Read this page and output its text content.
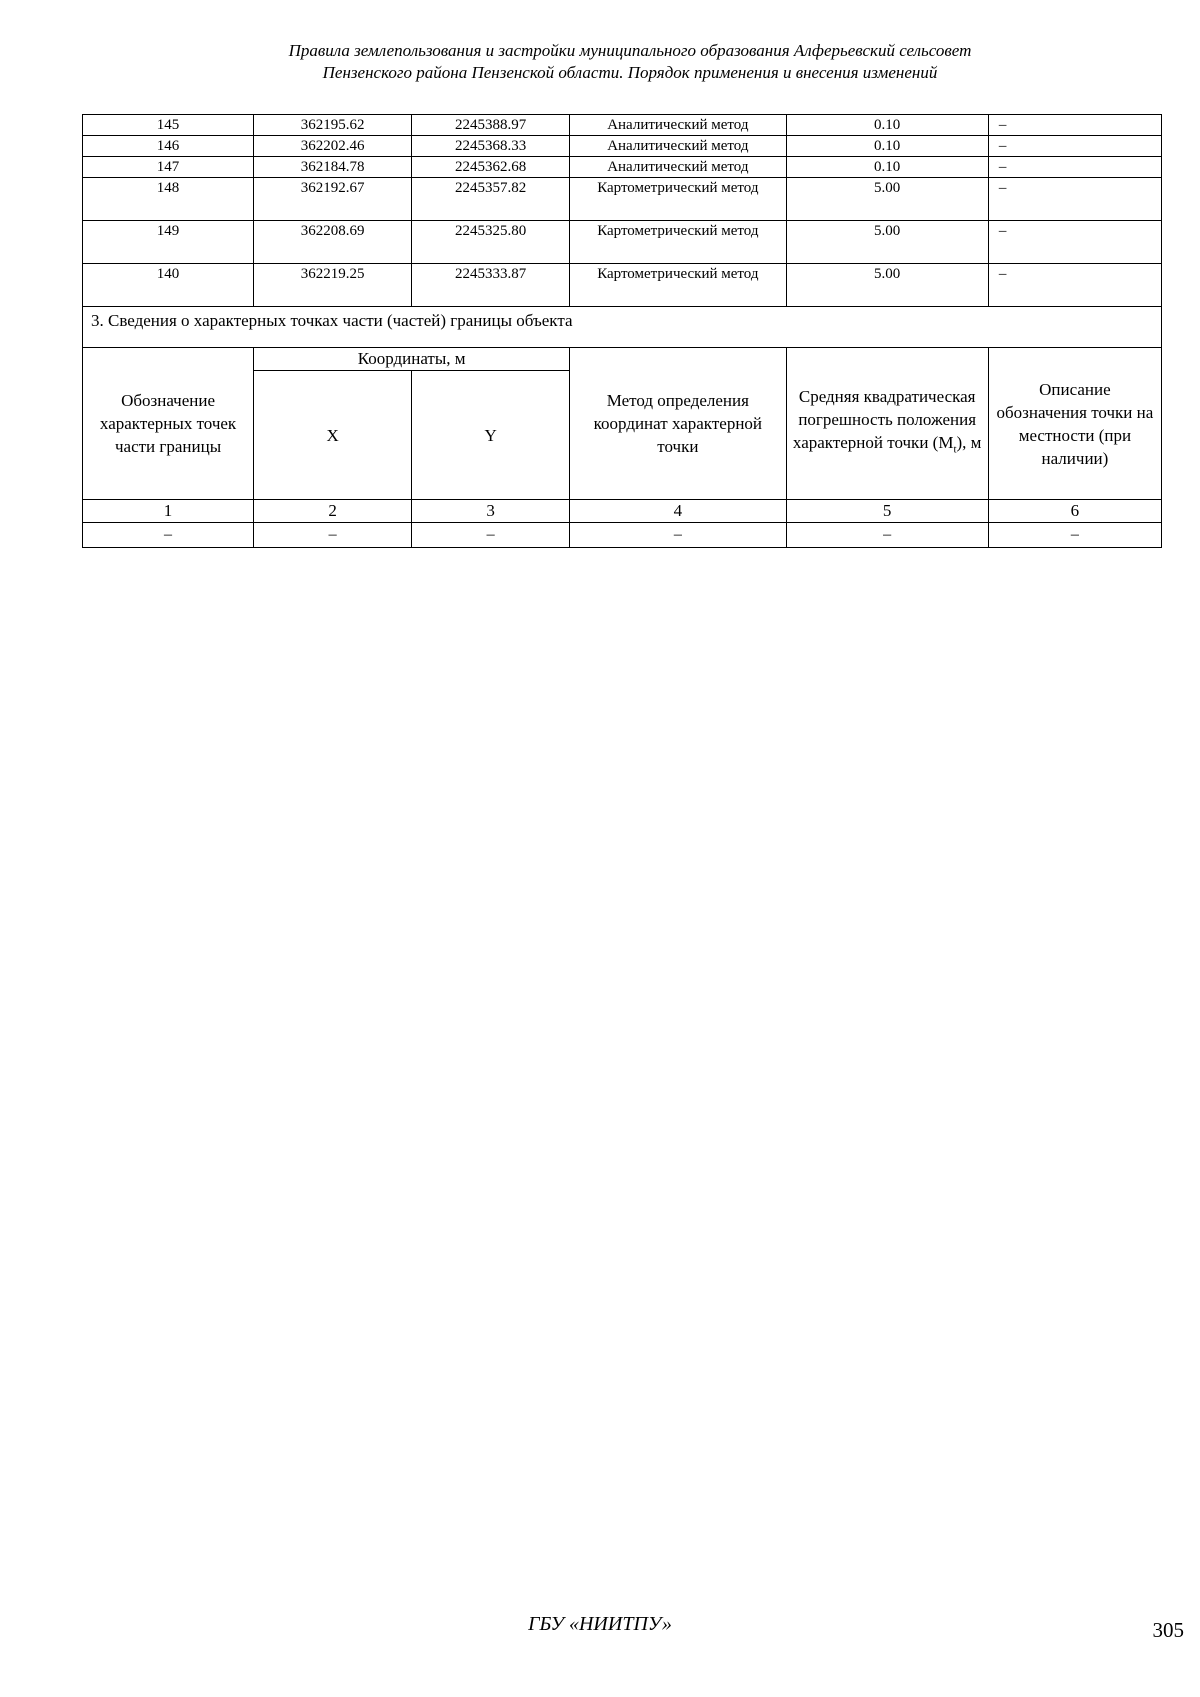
Правила землепользования и застройки муниципального образования Алферьевский сельсовет
Пензенского района Пензенской области. Порядок применения и внесения изменений
145	362195.62	2245388.97	Аналитический метод	0.10	–
146	362202.46	2245368.33	Аналитический метод	0.10	–
147	362184.78	2245362.68	Аналитический метод	0.10	–
148	362192.67	2245357.82	Картометрический метод	5.00	–
149	362208.69	2245325.80	Картометрический метод	5.00	–
140	362219.25	2245333.87	Картометрический метод	5.00	–
3. Сведения о характерных точках части (частей) границы объекта					
Обозначение характерных точек части границы	Координаты, м		Метод определения координат характерной точки	Средняя квадратическая погрешность положения характерной точки $(M_t)$, м	Описание обозначения точки на местности (при наличии)
	X	Y			
1	2	3	4	5	6
–	–	–	–	–	–
ГБУ «НИИТПУ»	305
